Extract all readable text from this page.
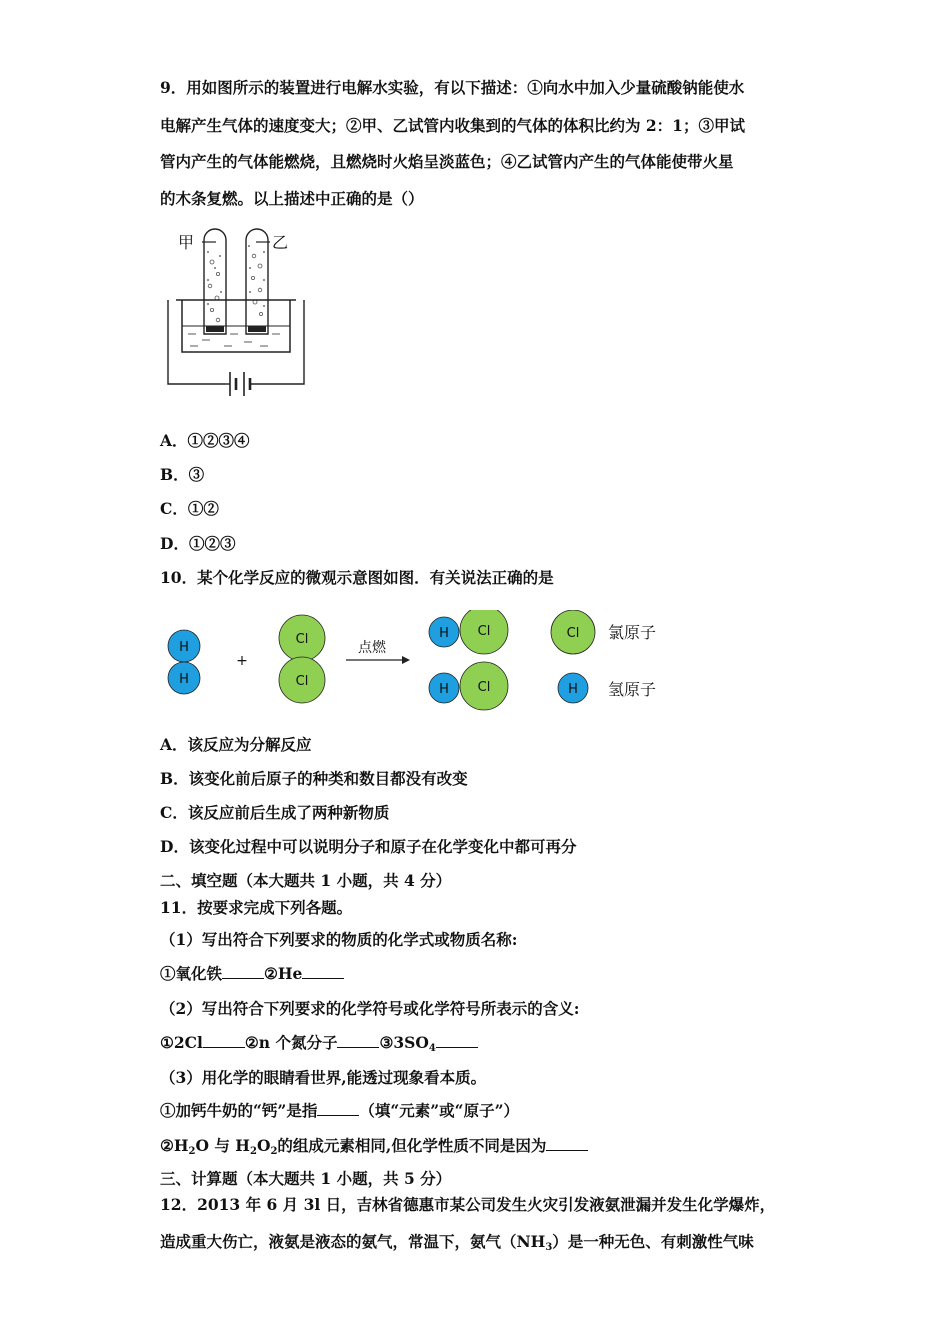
9．用如图所示的装置进行电解水实验，有以下描述：①向水中加入少量硫酸钠能使水
电解产生气体的速度变大；②甲、乙试管内收集到的气体的体积比约为 2：1；③甲试
管内产生的气体能燃烧，且燃烧时火焰呈淡蓝色；④乙试管内产生的气体能使带火星
的木条复燃。以上描述中正确的是（）
甲	乙
A．①②③④
B．③
C．①②
D．①②③
10．某个化学反应的微观示意图如图．有关说法正确的是
H
H
+
Cl
Cl
点燃
Cl
H
Cl
H
Cl 氯原子
H 氢原子
A．该反应为分解反应
B．该变化前后原子的种类和数目都没有改变
C．该反应前后生成了两种新物质
D．该变化过程中可以说明分子和原子在化学变化中都可再分
二、填空题（本大题共 1 小题，共 4 分）
11．按要求完成下列各题。
（1）写出符合下列要求的物质的化学式或物质名称:
①氧化铁	②He
（2）写出符合下列要求的化学符号或化学符号所表示的含义:
①2Cl	②n 个氮分子	$③3SO_4$
（3）用化学的眼睛看世界,能透过现象看本质。
①加钙牛奶的“钙”是指	（填“元素”或“原子”）
$②H_2O$ 与 $H_2O_2$的组成元素相同,但化学性质不同是因为
三、计算题（本大题共 1 小题，共 5 分）
12．2013 年 6 月 3l 日，吉林省德惠市某公司发生火灾引发液氨泄漏并发生化学爆炸，
造成重大伤亡，液氨是液态的氨气，常温下，氨气$(NH_3)$是一种无色、有刺激性气味
